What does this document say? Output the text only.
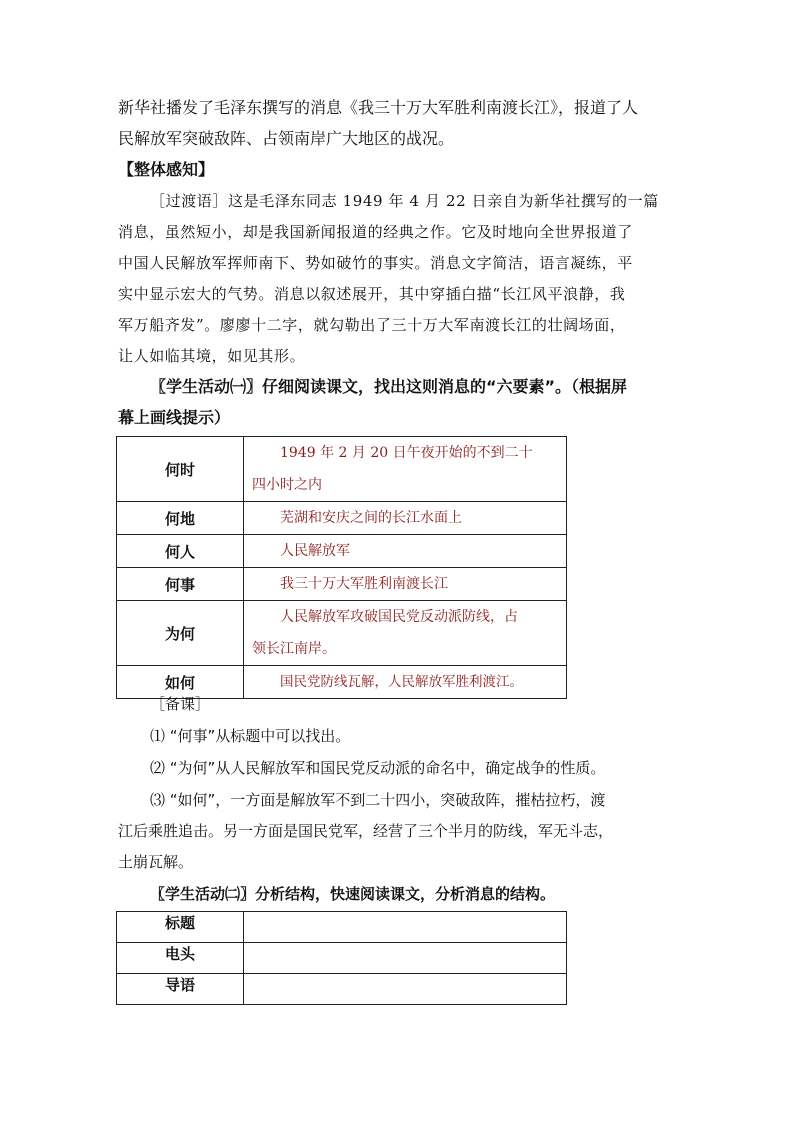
新华社播发了毛泽东撰写的消息《我三十万大军胜利南渡长江》，报道了人
民解放军突破敌阵、占领南岸广大地区的战况。
【整体感知】
［过渡语］这是毛泽东同志 1949 年 4 月 22 日亲自为新华社撰写的一篇
消息，虽然短小，却是我国新闻报道的经典之作。它及时地向全世界报道了
中国人民解放军挥师南下、势如破竹的事实。消息文字简洁，语言凝练，平
实中显示宏大的气势。消息以叙述展开，其中穿插白描“长江风平浪静，我
军万船齐发”。廖廖十二字，就勾勒出了三十万大军南渡长江的壮阔场面，
让人如临其境，如见其形。
〖学生活动㈠〗仔细阅读课文，找出这则消息的“六要素”。（根据屏
幕上画线提示）
何时	1949 年 2 月 20 日午夜开始的不到二十
四小时之内

何地	芜湖和安庆之间的长江水面上

何人	人民解放军

何事	我三十万大军胜利南渡长江

为何	人民解放军攻破国民党反动派防线，占
领长江南岸。

如何	国民党防线瓦解，人民解放军胜利渡江。
［备课］
⑴ “何事”从标题中可以找出。
⑵ “为何”从人民解放军和国民党反动派的命名中，确定战争的性质。
⑶ “如何”，一方面是解放军不到二十四小，突破敌阵，摧枯拉朽，渡
江后乘胜追击。另一方面是国民党军，经营了三个半月的防线，军无斗志，
土崩瓦解。
〖学生活动㈡〗分析结构，快速阅读课文，分析消息的结构。
标题	
电头	
导语	
